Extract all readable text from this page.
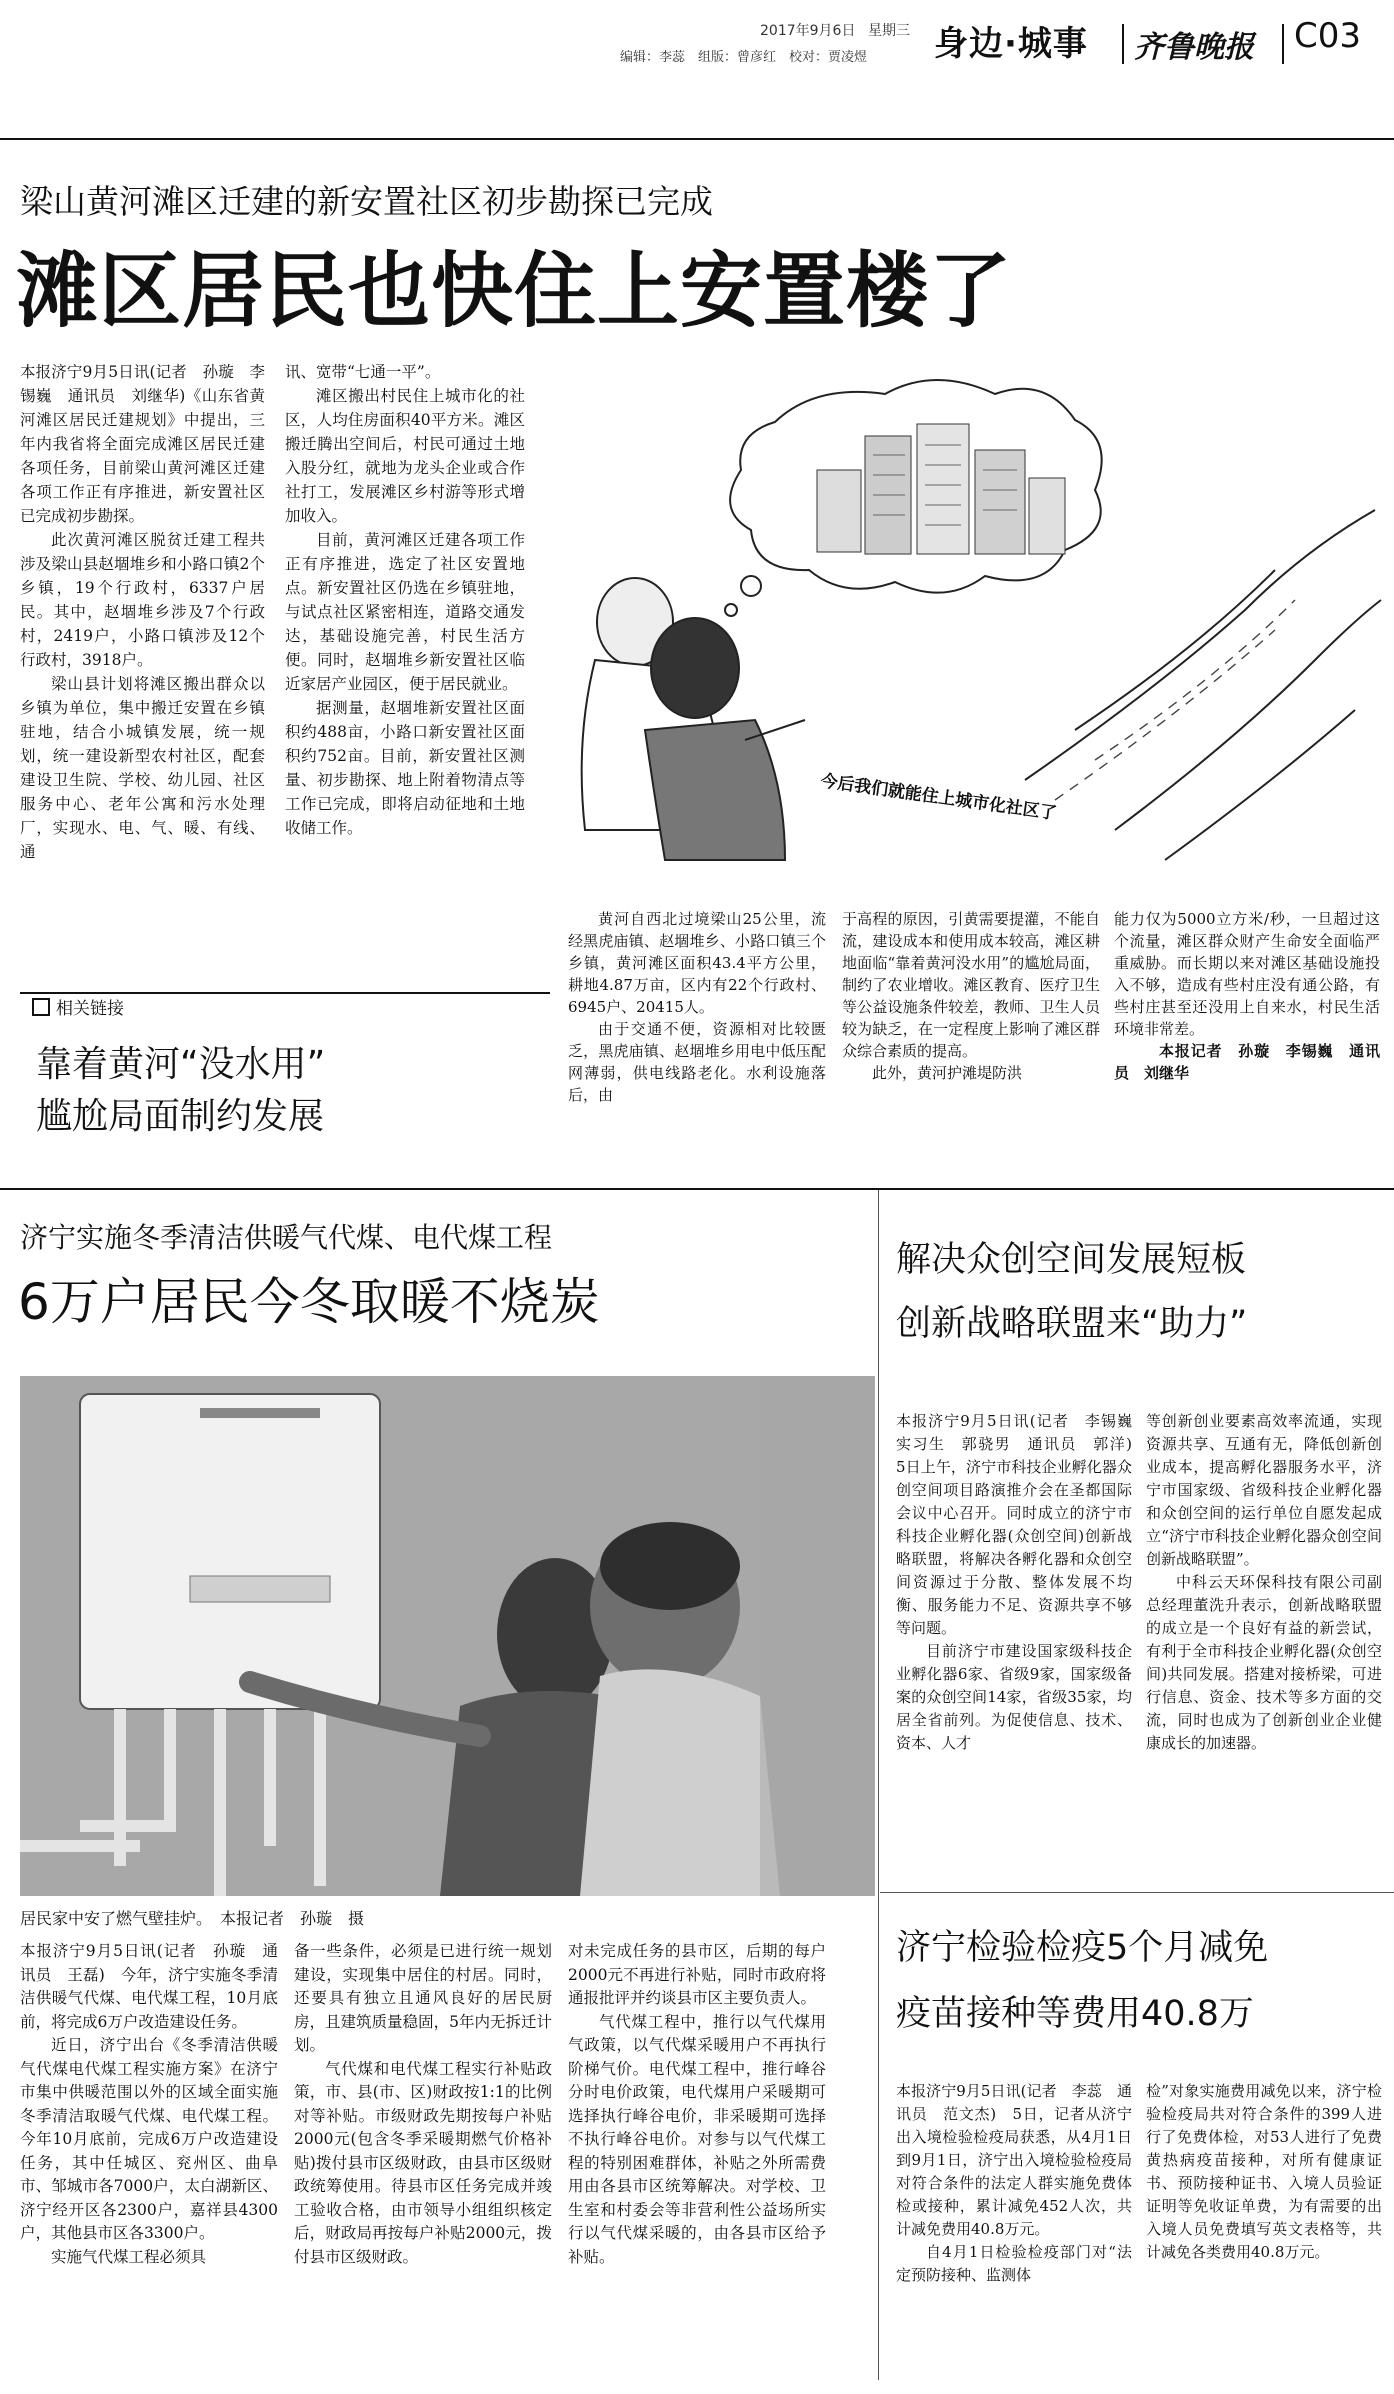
2017年9月6日 星期三
编辑：李蕊　组版：曾彦红　校对：贾凌煜 身边·城事 齐鲁晚报 C03
梁山黄河滩区迁建的新安置社区初步勘探已完成
滩区居民也快住上安置楼了

本报济宁9月5日讯(记者　孙璇　李锡巍　通讯员　刘继华)《山东省黄河滩区居民迁建规划》中提出，三年内我省将全面完成滩区居民迁建各项任务，目前梁山黄河滩区迁建各项工作正有序推进，新安置社区已完成初步勘探。

此次黄河滩区脱贫迁建工程共涉及梁山县赵堌堆乡和小路口镇2个乡镇，19个行政村，6337户居民。其中，赵堌堆乡涉及7个行政村，2419户，小路口镇涉及12个行政村，3918户。

梁山县计划将滩区搬出群众以乡镇为单位，集中搬迁安置在乡镇驻地，结合小城镇发展，统一规划，统一建设新型农村社区，配套建设卫生院、学校、幼儿园、社区服务中心、老年公寓和污水处理厂，实现水、电、气、暖、有线、通

讯、宽带“七通一平”。

滩区搬出村民住上城市化的社区，人均住房面积40平方米。滩区搬迁腾出空间后，村民可通过土地入股分红，就地为龙头企业或合作社打工，发展滩区乡村游等形式增加收入。

目前，黄河滩区迁建各项工作正有序推进，选定了社区安置地点。新安置社区仍选在乡镇驻地，与试点社区紧密相连，道路交通发达，基础设施完善，村民生活方便。同时，赵堌堆乡新安置社区临近家居产业园区，便于居民就业。

据测量，赵堌堆新安置社区面积约488亩，小路口新安置社区面积约752亩。目前，新安置社区测量、初步勘探、地上附着物清点等工作已完成，即将启动征地和土地收储工作。

今后我们就能住上城市化社区了
相关链接
靠着黄河“没水用”
尴尬局面制约发展

黄河自西北过境梁山25公里，流经黑虎庙镇、赵堌堆乡、小路口镇三个乡镇，黄河滩区面积43.4平方公里，耕地4.87万亩，区内有22个行政村、6945户、20415人。

由于交通不便，资源相对比较匮乏，黑虎庙镇、赵堌堆乡用电中低压配网薄弱，供电线路老化。水利设施落后，由

于高程的原因，引黄需要提灌，不能自流，建设成本和使用成本较高，滩区耕地面临“靠着黄河没水用”的尴尬局面，制约了农业增收。滩区教育、医疗卫生等公益设施条件较差，教师、卫生人员较为缺乏，在一定程度上影响了滩区群众综合素质的提高。

此外，黄河护滩堤防洪

能力仅为5000立方米/秒，一旦超过这个流量，滩区群众财产生命安全面临严重威胁。而长期以来对滩区基础设施投入不够，造成有些村庄没有通公路，有些村庄甚至还没用上自来水，村民生活环境非常差。

本报记者　孙璇　李锡巍　通讯员　刘继华

济宁实施冬季清洁供暖气代煤、电代煤工程
6万户居民今冬取暖不烧炭
居民家中安了燃气壁挂炉。　本报记者　孙璇　摄

本报济宁9月5日讯(记者　孙璇　通讯员　王磊)　今年，济宁实施冬季清洁供暖气代煤、电代煤工程，10月底前，将完成6万户改造建设任务。

近日，济宁出台《冬季清洁供暖气代煤电代煤工程实施方案》在济宁市集中供暖范围以外的区域全面实施冬季清洁取暖气代煤、电代煤工程。今年10月底前，完成6万户改造建设任务，其中任城区、兖州区、曲阜市、邹城市各7000户，太白湖新区、济宁经开区各2300户，嘉祥县4300户，其他县市区各3300户。

实施气代煤工程必须具

备一些条件，必须是已进行统一规划建设，实现集中居住的村居。同时，还要具有独立且通风良好的居民厨房，且建筑质量稳固，5年内无拆迁计划。

气代煤和电代煤工程实行补贴政策，市、县(市、区)财政按1:1的比例对等补贴。市级财政先期按每户补贴2000元(包含冬季采暖期燃气价格补贴)拨付县市区级财政，由县市区级财政统筹使用。待县市区任务完成并竣工验收合格，由市领导小组组织核定后，财政局再按每户补贴2000元，拨付县市区级财政。

对未完成任务的县市区，后期的每户2000元不再进行补贴，同时市政府将通报批评并约谈县市区主要负责人。

气代煤工程中，推行以气代煤用气政策，以气代煤采暖用户不再执行阶梯气价。电代煤工程中，推行峰谷分时电价政策，电代煤用户采暖期可选择执行峰谷电价，非采暖期可选择不执行峰谷电价。对参与以气代煤工程的特别困难群体，补贴之外所需费用由各县市区统筹解决。对学校、卫生室和村委会等非营利性公益场所实行以气代煤采暖的，由各县市区给予补贴。

解决众创空间发展短板
创新战略联盟来“助力”

本报济宁9月5日讯(记者　李锡巍　实习生　郭骁男　通讯员　郭洋)　5日上午，济宁市科技企业孵化器众创空间项目路演推介会在圣都国际会议中心召开。同时成立的济宁市科技企业孵化器(众创空间)创新战略联盟，将解决各孵化器和众创空间资源过于分散、整体发展不均衡、服务能力不足、资源共享不够等问题。

目前济宁市建设国家级科技企业孵化器6家、省级9家，国家级备案的众创空间14家，省级35家，均居全省前列。为促使信息、技术、资本、人才

等创新创业要素高效率流通，实现资源共享、互通有无，降低创新创业成本，提高孵化器服务水平，济宁市国家级、省级科技企业孵化器和众创空间的运行单位自愿发起成立“济宁市科技企业孵化器众创空间创新战略联盟”。

中科云天环保科技有限公司副总经理董洗升表示，创新战略联盟的成立是一个良好有益的新尝试，有利于全市科技企业孵化器(众创空间)共同发展。搭建对接桥梁，可进行信息、资金、技术等多方面的交流，同时也成为了创新创业企业健康成长的加速器。

济宁检验检疫5个月减免
疫苗接种等费用40.8万

本报济宁9月5日讯(记者　李蕊　通讯员　范文杰)　5日，记者从济宁出入境检验检疫局获悉，从4月1日到9月1日，济宁出入境检验检疫局对符合条件的法定人群实施免费体检或接种，累计减免452人次，共计减免费用40.8万元。

自4月1日检验检疫部门对“法定预防接种、监测体

检”对象实施费用减免以来，济宁检验检疫局共对符合条件的399人进行了免费体检，对53人进行了免费黄热病疫苗接种，对所有健康证书、预防接种证书、入境人员验证证明等免收证单费，为有需要的出入境人员免费填写英文表格等，共计减免各类费用40.8万元。
